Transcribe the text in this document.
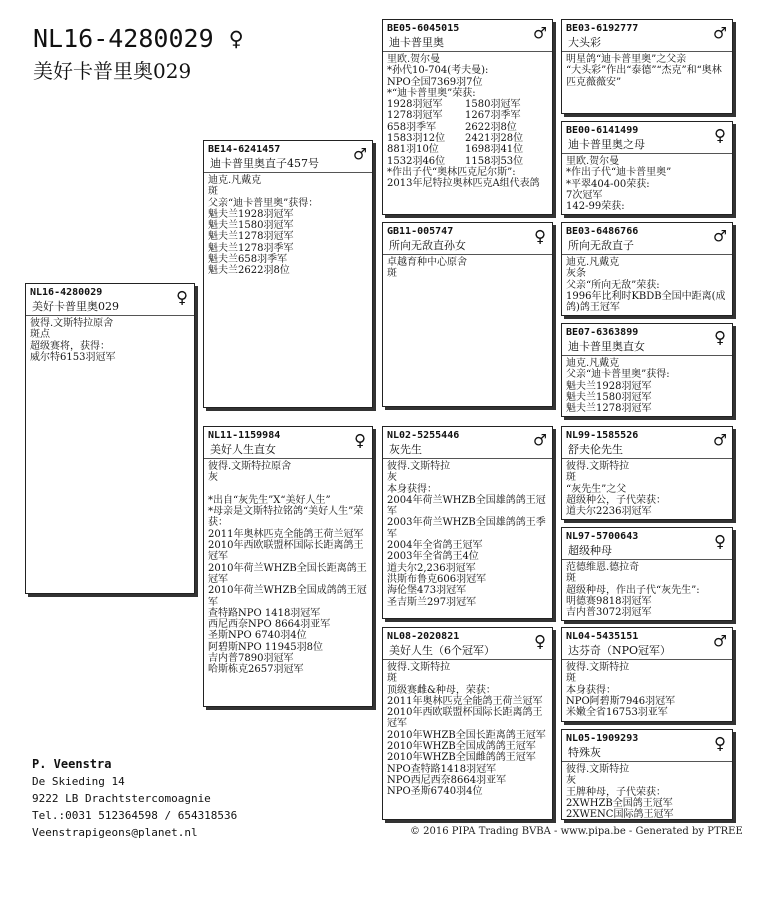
NL16-4280029 ♀
美好卡普里奥029
NL16-4280029
美好卡普里奥029	♀
彼得.文斯特拉原舍
斑点
超级赛将，获得：
威尔特6153羽冠军
BE14-6241457
迪卡普里奥直子457号	♂
迪克.凡戴克
斑
父亲“迪卡普里奥”获得：
魁夫兰1928羽冠军
魁夫兰1580羽冠军
魁夫兰1278羽冠军
魁夫兰1278羽季军
魁夫兰658羽季军
魁夫兰2622羽8位
NL11-1159984
美好人生直女	♀
彼得.文斯特拉原舍
灰

*出自“灰先生”X“美好人生”
*母亲是文斯特拉铭鸽“美好人生”荣获：
2011年奥林匹克全能鸽王荷兰冠军
2010年西欧联盟杯国际长距离鸽王冠军
2010年荷兰WHZB全国长距离鸽王冠军
2010年荷兰WHZB全国成鸽鸽王冠军
查特路NPO 1418羽冠军
西尼西奈NPO 8664羽亚军
圣斯NPO 6740羽4位
阿碧斯NPO 11945羽8位
吉内普7890羽冠军
哈斯栋克2657羽冠军
BE05-6045015
迪卡普里奥	♂
里欧.贺尔曼
*孙代10-704(考夫曼):
NPO全国7369羽7位
*“迪卡普里奥”荣获:
1928羽冠军	1580羽冠军
1278羽冠军	1267羽季军
658羽季军	2622羽8位
1583羽12位	2421羽28位
881羽10位	1698羽41位
1532羽46位	1158羽53位
*作出子代“奥林匹克尼尔斯”:
2013年尼特拉奥林匹克A组代表鸽
GB11-005747
所向无敌直孙女	♀
卓越育种中心原舍
斑
NL02-5255446
灰先生	♂
彼得.文斯特拉
灰
本身获得：
2004年荷兰WHZB全国雄鸽鸽王冠军
2003年荷兰WHZB全国雄鸽鸽王季军
2004年全省鸽王冠军
2003年全省鸽王4位
道夫尔2,236羽冠军
洪斯布鲁克606羽冠军
海伦堡473羽冠军
圣吉斯兰297羽冠军
NL08-2020821
美好人生（6个冠军）	♀
彼得.文斯特拉
斑
顶级赛雌&种母，荣获：
2011年奥林匹克全能鸽王荷兰冠军
2010年西欧联盟杯国际长距离鸽王冠军
2010年WHZB全国长距离鸽王冠军
2010年WHZB全国成鸽鸽王冠军
2010年WHZB全国雌鸽鸽王冠军
NPO查特路1418羽冠军
NPO西尼西奈8664羽亚军
NPO圣斯6740羽4位
BE03-6192777
大头彩	♂
明星鸽“迪卡普里奥”之父亲
“大头彩”作出“泰德”“杰克”和“奥林匹克薇薇安”
BE00-6141499
迪卡普里奥之母	♀
里欧.贺尔曼
*作出子代“迪卡普里奥”
*平翠404-00荣获:
7次冠军
142-99荣获:
BE03-6486766
所向无敌直子	♂
迪克.凡戴克
灰条
父亲“所向无敌”荣获:
1996年比利时KBDB全国中距离(成鸽)鸽王冠军
BE07-6363899
迪卡普里奥直女	♀
迪克.凡戴克
父亲“迪卡普里奥”获得:
魁夫兰1928羽冠军
魁夫兰1580羽冠军
魁夫兰1278羽冠军
NL99-1585526
舒夫伦先生	♂
彼得.文斯特拉
斑
“灰先生”之父
超级种公，子代荣获：
道夫尔2236羽冠军
NL97-5700643
超级种母	♀
范德维恩.德拉奇
斑
超级种母，作出子代“灰先生”:
明德赛9818羽冠军
吉内普3072羽冠军
NL04-5435151
达芬奇（NPO冠军）	♂
彼得.文斯特拉
斑
本身获得：
NPO阿碧斯7946羽冠军
米嫩全省16753羽亚军
NL05-1909293
特殊灰	♀
彼得.文斯特拉
灰
王牌种母，子代荣获：
2XWHZB全国鸽王冠军
2XWENC国际鸽王冠军
P. Veenstra
De Skieding 14
9222 LB Drachtstercomoagnie
Tel.:0031 512364598 / 654318536
Veenstrapigeons@planet.nl	© 2016 PIPA Trading BVBA - www.pipa.be - Generated by PTREE
